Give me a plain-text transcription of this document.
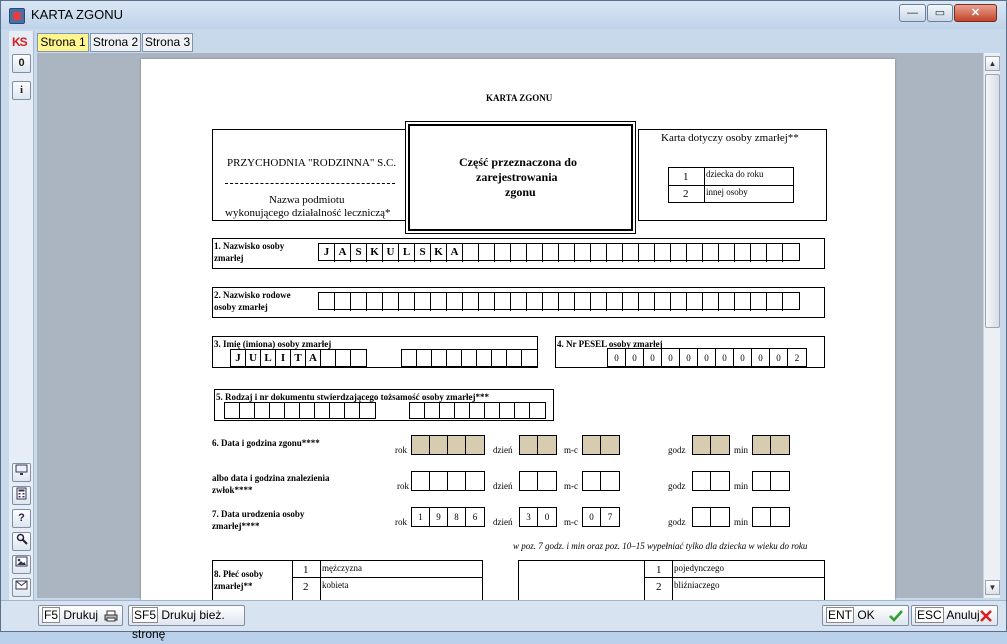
KARTA ZGONU	—	▭	✕
KS
0
i
?
Strona 1 Strona 2 Strona 3
KARTA ZGONU
PRZYCHODNIA "RODZINNA" S.C.
Nazwa podmiotu
wykonującego działalność leczniczą*
Część przeznaczona do
zarejestrowania
zgonu
Karta dotyczy osoby zmarłej**
1 dziecka do roku
2 innej osoby
1. Nazwisko osoby
zmarłej	J A S K U L S K A
2. Nazwisko rodowe
osoby zmarłej
3. Imię (imiona) osoby zmarłej
J U L I T A
4. Nr PESEL osoby zmarłej
0	0	0	0	0	0	0	0	0	0	2
5. Rodzaj i nr dokumentu stwierdzającego tożsamość osoby zmarłej***
6. Data i godzina zgonu****
rok	dzień	m-c	godz	min
albo data i godzina znalezienia
zwłok****	rok	dzień	m-c	godz	min
7. Data urodzenia osoby
zmarłej****	rok	1	9	8	6	dzień	3	0	m-c	0	7	godz	min
w poz. 7 godz. i min oraz poz. 10–15 wypełniać tylko dla dziecka w wieku do roku
8. Płeć osoby
zmarłej**
1 mężczyzna
2 kobieta
1 pojedynczego
2 bliźniaczego
▲
▼
F5 Drukuj	SF5 Drukuj bież. stronę
ENT OK	ESC Anuluj
